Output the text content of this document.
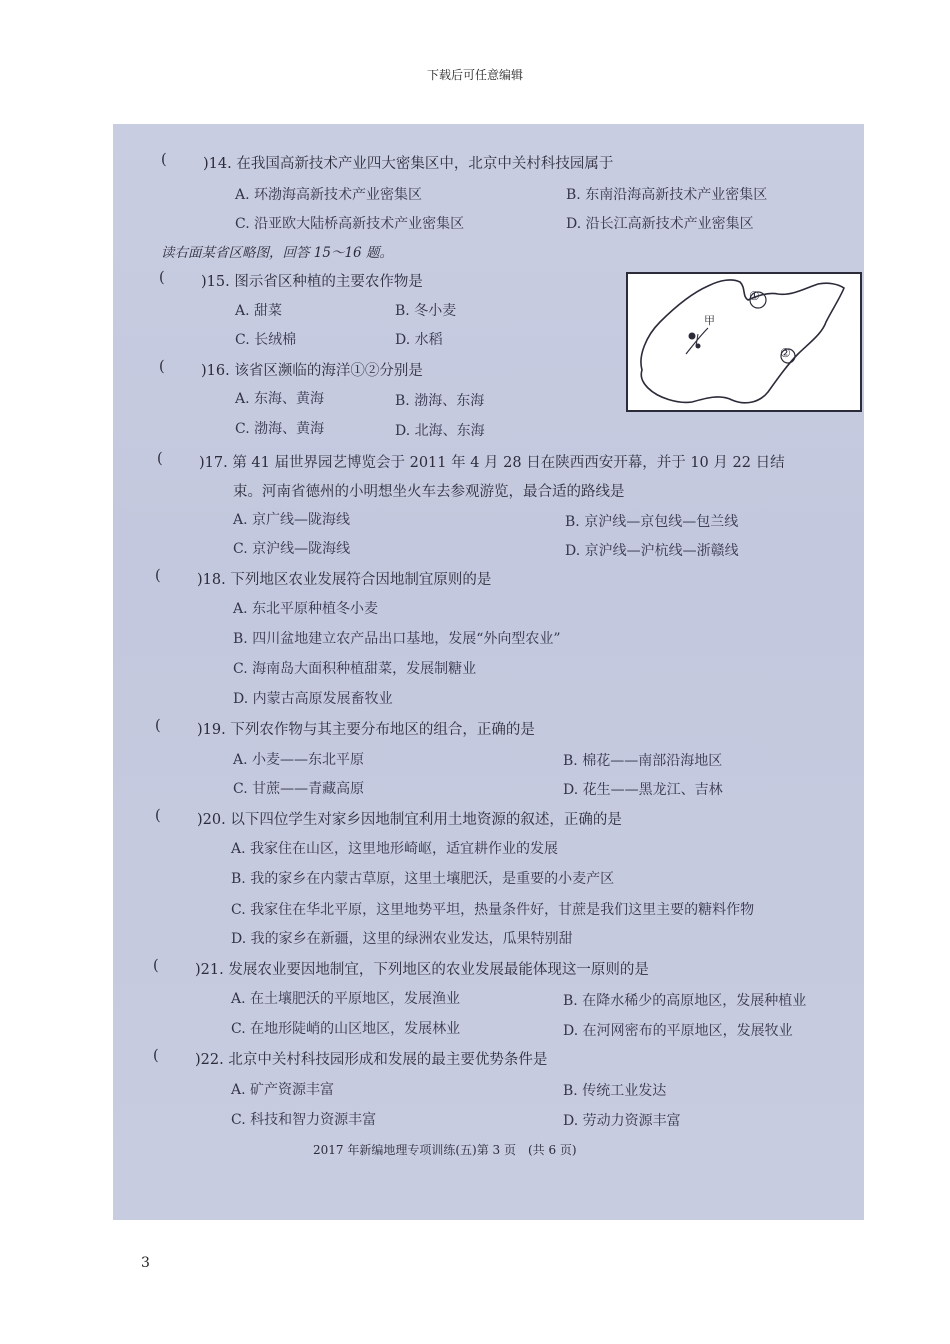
下载后可任意编辑
(	)14. 在我国高新技术产业四大密集区中，北京中关村科技园属于
A. 环渤海高新技术产业密集区	B. 东南沿海高新技术产业密集区
C. 沿亚欧大陆桥高新技术产业密集区	D. 沿长江高新技术产业密集区
读右面某省区略图，回答 15～16 题。
(	)15. 图示省区种植的主要农作物是
A. 甜菜	B. 冬小麦
C. 长绒棉	D. 水稻
①
②
甲
(	)16. 该省区濒临的海洋①②分别是
A. 东海、黄海	B. 渤海、东海
C. 渤海、黄海	D. 北海、东海
(	)17. 第 41 届世界园艺博览会于 2011 年 4 月 28 日在陕西西安开幕，并于 10 月 22 日结
束。河南省德州的小明想坐火车去参观游览，最合适的路线是
A. 京广线—陇海线	B. 京沪线—京包线—包兰线
C. 京沪线—陇海线	D. 京沪线—沪杭线—浙赣线
(	)18. 下列地区农业发展符合因地制宜原则的是
A. 东北平原种植冬小麦
B. 四川盆地建立农产品出口基地，发展“外向型农业”
C. 海南岛大面积种植甜菜，发展制糖业
D. 内蒙古高原发展畜牧业
(	)19. 下列农作物与其主要分布地区的组合，正确的是
A. 小麦——东北平原	B. 棉花——南部沿海地区
C. 甘蔗——青藏高原	D. 花生——黑龙江、吉林
(	)20. 以下四位学生对家乡因地制宜利用土地资源的叙述，正确的是
A. 我家住在山区，这里地形崎岖，适宜耕作业的发展
B. 我的家乡在内蒙古草原，这里土壤肥沃，是重要的小麦产区
C. 我家住在华北平原，这里地势平坦，热量条件好，甘蔗是我们这里主要的糖料作物
D. 我的家乡在新疆，这里的绿洲农业发达，瓜果特别甜
(	)21. 发展农业要因地制宜，下列地区的农业发展最能体现这一原则的是
A. 在土壤肥沃的平原地区，发展渔业	B. 在降水稀少的高原地区，发展种植业
C. 在地形陡峭的山区地区，发展林业	D. 在河网密布的平原地区，发展牧业
(	)22. 北京中关村科技园形成和发展的最主要优势条件是
A. 矿产资源丰富	B. 传统工业发达
C. 科技和智力资源丰富	D. 劳动力资源丰富
2017 年新编地理专项训练(五)第 3 页　(共 6 页)
3
